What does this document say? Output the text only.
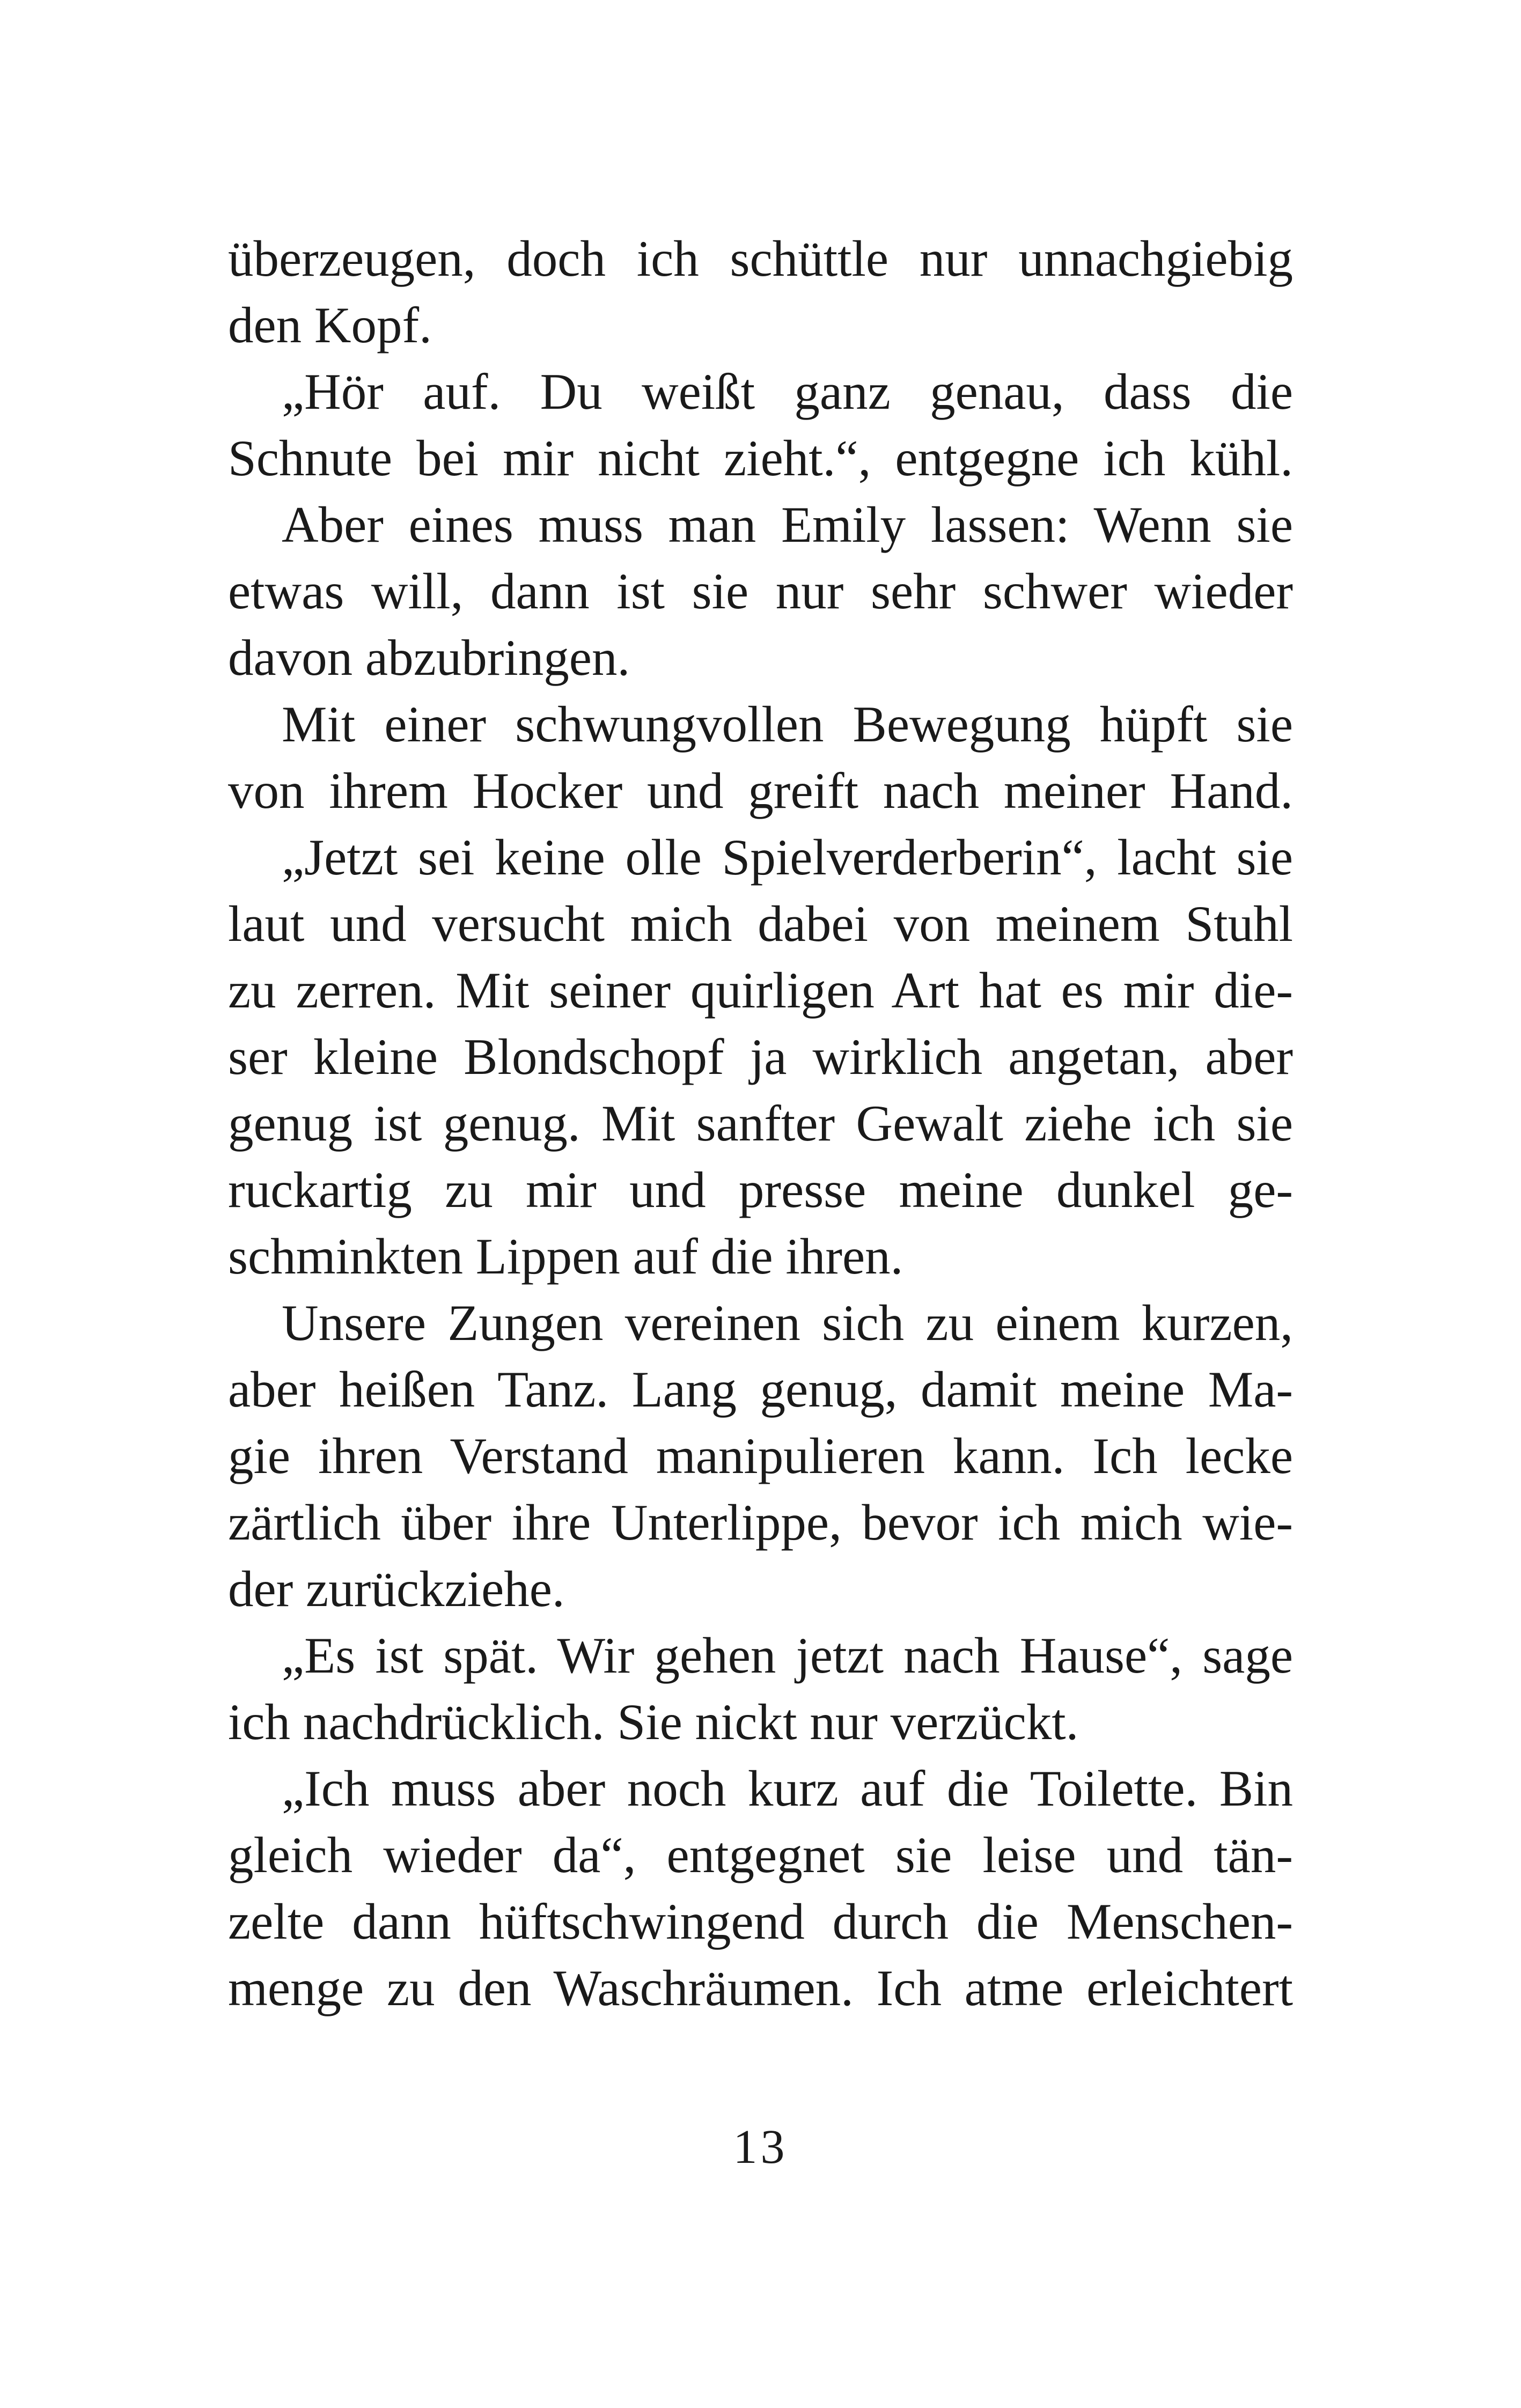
überzeugen, doch ich schüttle nur unnachgiebig
den Kopf.
„Hör auf. Du weißt ganz genau, dass die
Schnute bei mir nicht zieht.“, entgegne ich kühl.
Aber eines muss man Emily lassen: Wenn sie
etwas will, dann ist sie nur sehr schwer wieder
davon abzubringen.
Mit einer schwungvollen Bewegung hüpft sie
von ihrem Hocker und greift nach meiner Hand.
„Jetzt sei keine olle Spielverderberin“, lacht sie
laut und versucht mich dabei von meinem Stuhl
zu zerren. Mit seiner quirligen Art hat es mir die-
ser kleine Blondschopf ja wirklich angetan, aber
genug ist genug. Mit sanfter Gewalt ziehe ich sie
ruckartig zu mir und presse meine dunkel ge-
schminkten Lippen auf die ihren.
Unsere Zungen vereinen sich zu einem kurzen,
aber heißen Tanz. Lang genug, damit meine Ma-
gie ihren Verstand manipulieren kann. Ich lecke
zärtlich über ihre Unterlippe, bevor ich mich wie-
der zurückziehe.
„Es ist spät. Wir gehen jetzt nach Hause“, sage
ich nachdrücklich. Sie nickt nur verzückt.
„Ich muss aber noch kurz auf die Toilette. Bin
gleich wieder da“, entgegnet sie leise und tän-
zelte dann hüftschwingend durch die Menschen-
menge zu den Waschräumen. Ich atme erleichtert
13
